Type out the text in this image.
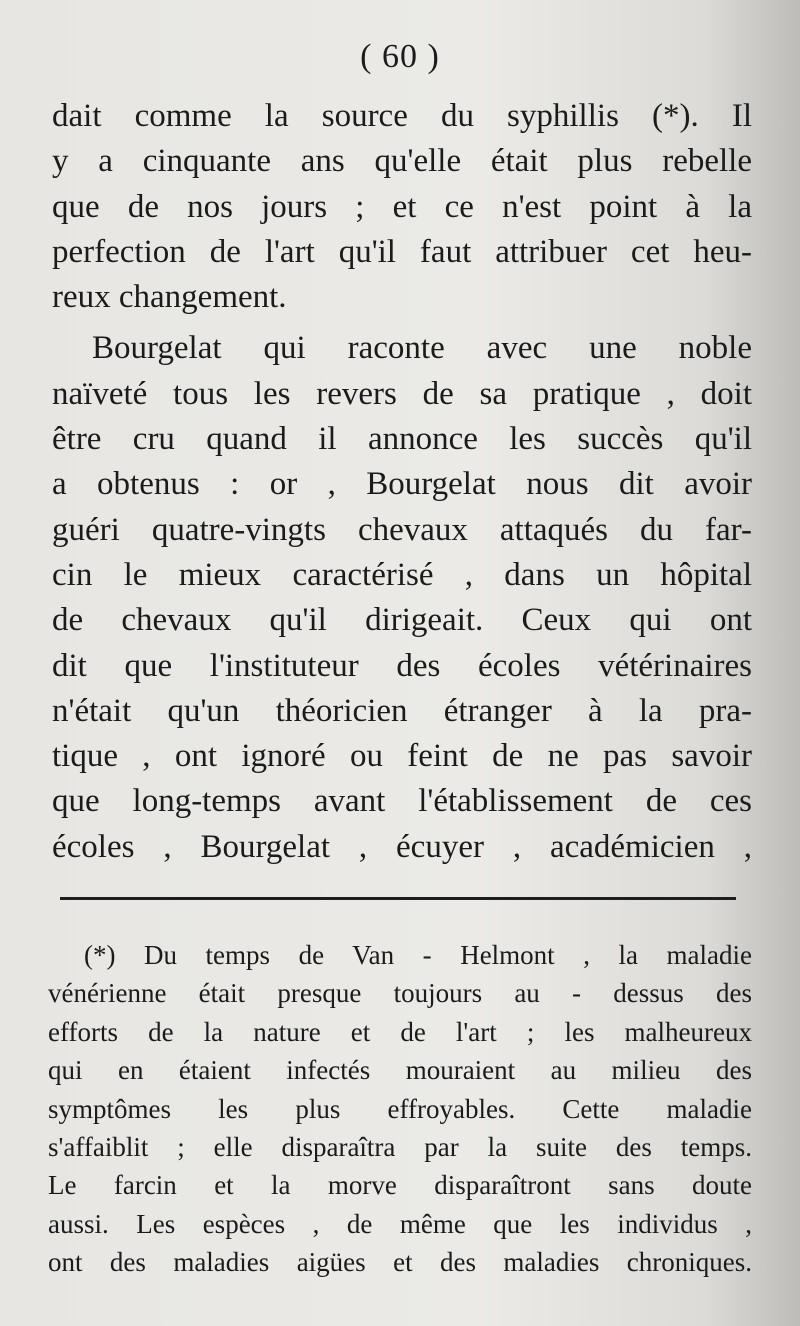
( 60 )
dait comme la source du syphillis (*). Il
y a cinquante ans qu'elle était plus rebelle
que de nos jours ; et ce n'est point à la
perfection de l'art qu'il faut attribuer cet heu-
reux changement.
Bourgelat qui raconte avec une noble
naïveté tous les revers de sa pratique , doit
être cru quand il annonce les succès qu'il
a obtenus : or , Bourgelat nous dit avoir
guéri quatre-vingts chevaux attaqués du far-
cin le mieux caractérisé , dans un hôpital
de chevaux qu'il dirigeait. Ceux qui ont
dit que l'instituteur des écoles vétérinaires
n'était qu'un théoricien étranger à la pra-
tique , ont ignoré ou feint de ne pas savoir
que long-temps avant l'établissement de ces
écoles , Bourgelat , écuyer , académicien ,
(*) Du temps de Van - Helmont , la maladie
vénérienne était presque toujours au - dessus des
efforts de la nature et de l'art ; les malheureux
qui en étaient infectés mouraient au milieu des
symptômes les plus effroyables. Cette maladie
s'affaiblit ; elle disparaîtra par la suite des temps.
Le farcin et la morve disparaîtront sans doute
aussi. Les espèces , de même que les individus ,
ont des maladies aigües et des maladies chroniques.
